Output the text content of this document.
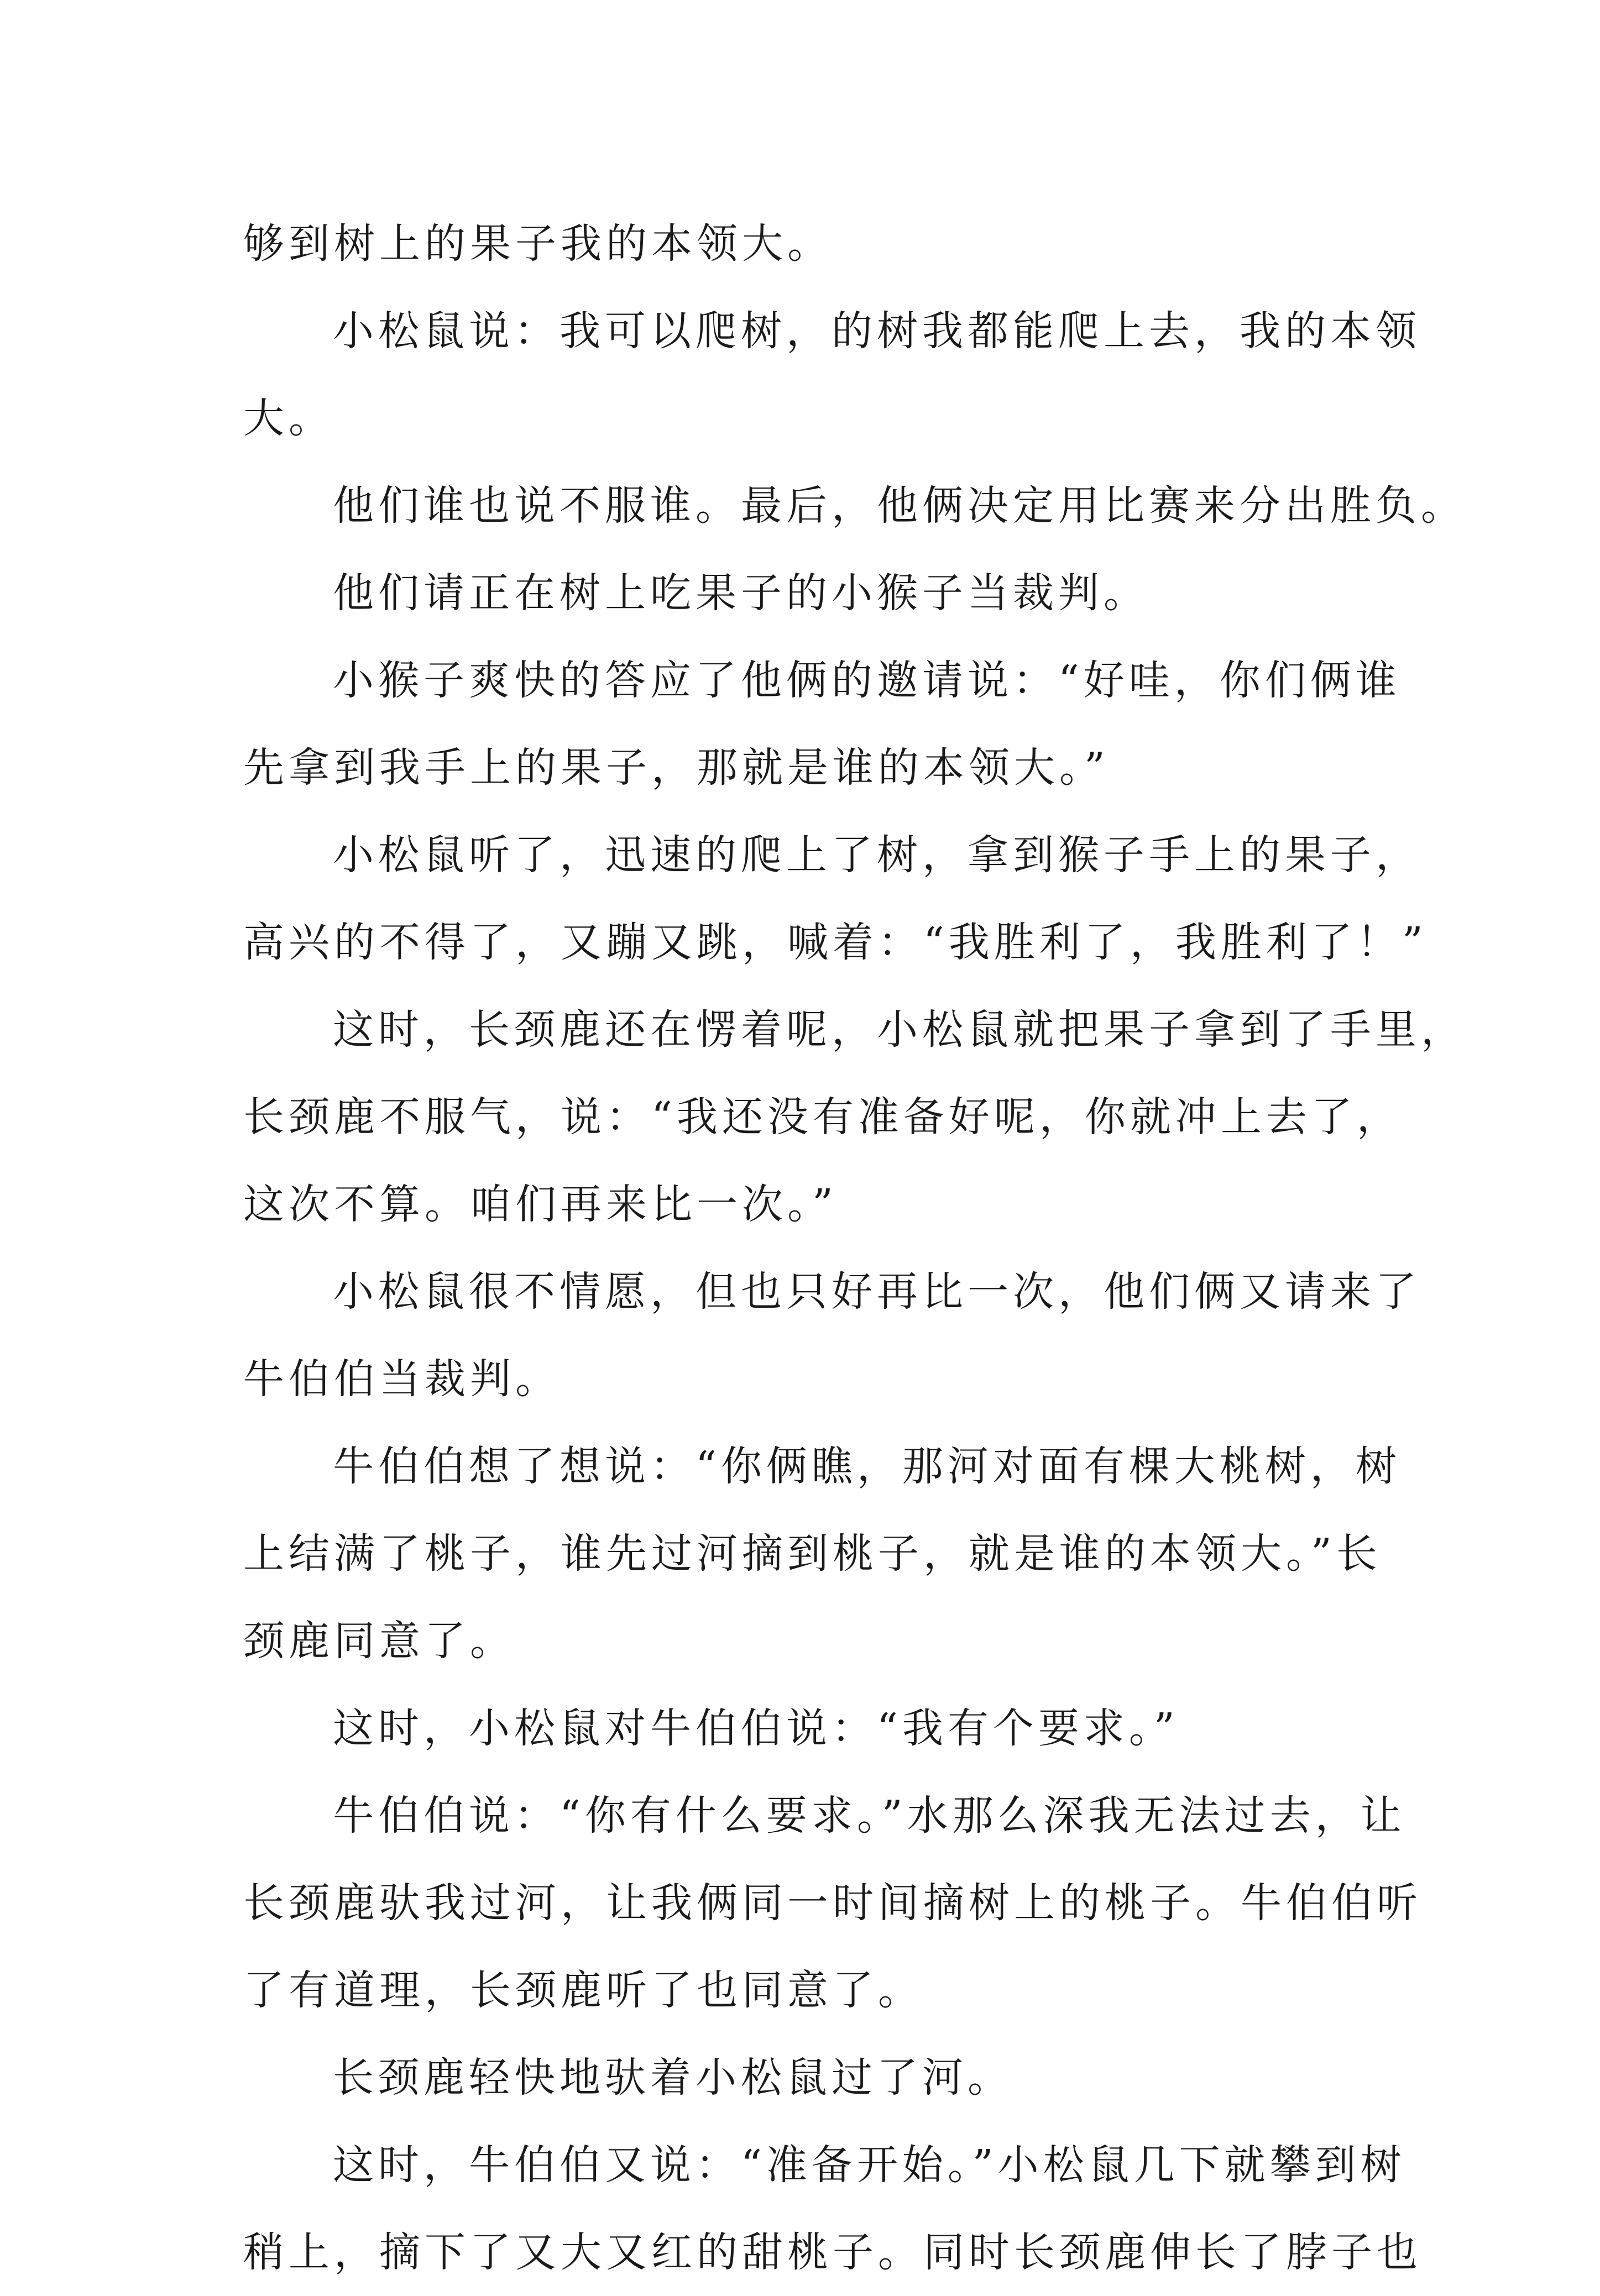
够到树上的果子我的本领大。
小松鼠说：我可以爬树，的树我都能爬上去，我的本领
大。
他们谁也说不服谁。最后，他俩决定用比赛来分出胜负。
他们请正在树上吃果子的小猴子当裁判。
小猴子爽快的答应了他俩的邀请说：“好哇，你们俩谁
先拿到我手上的果子，那就是谁的本领大。”
小松鼠听了，迅速的爬上了树，拿到猴子手上的果子，
高兴的不得了，又蹦又跳，喊着：“我胜利了，我胜利了！”
这时，长颈鹿还在愣着呢，小松鼠就把果子拿到了手里，
长颈鹿不服气，说：“我还没有准备好呢，你就冲上去了，
这次不算。咱们再来比一次。”
小松鼠很不情愿，但也只好再比一次，他们俩又请来了
牛伯伯当裁判。
牛伯伯想了想说：“你俩瞧，那河对面有棵大桃树，树
上结满了桃子，谁先过河摘到桃子，就是谁的本领大。”长
颈鹿同意了。
这时，小松鼠对牛伯伯说：“我有个要求。”
牛伯伯说：“你有什么要求。”水那么深我无法过去，让
长颈鹿驮我过河，让我俩同一时间摘树上的桃子。牛伯伯听
了有道理，长颈鹿听了也同意了。
长颈鹿轻快地驮着小松鼠过了河。
这时，牛伯伯又说：“准备开始。”小松鼠几下就攀到树
稍上，摘下了又大又红的甜桃子。同时长颈鹿伸长了脖子也
